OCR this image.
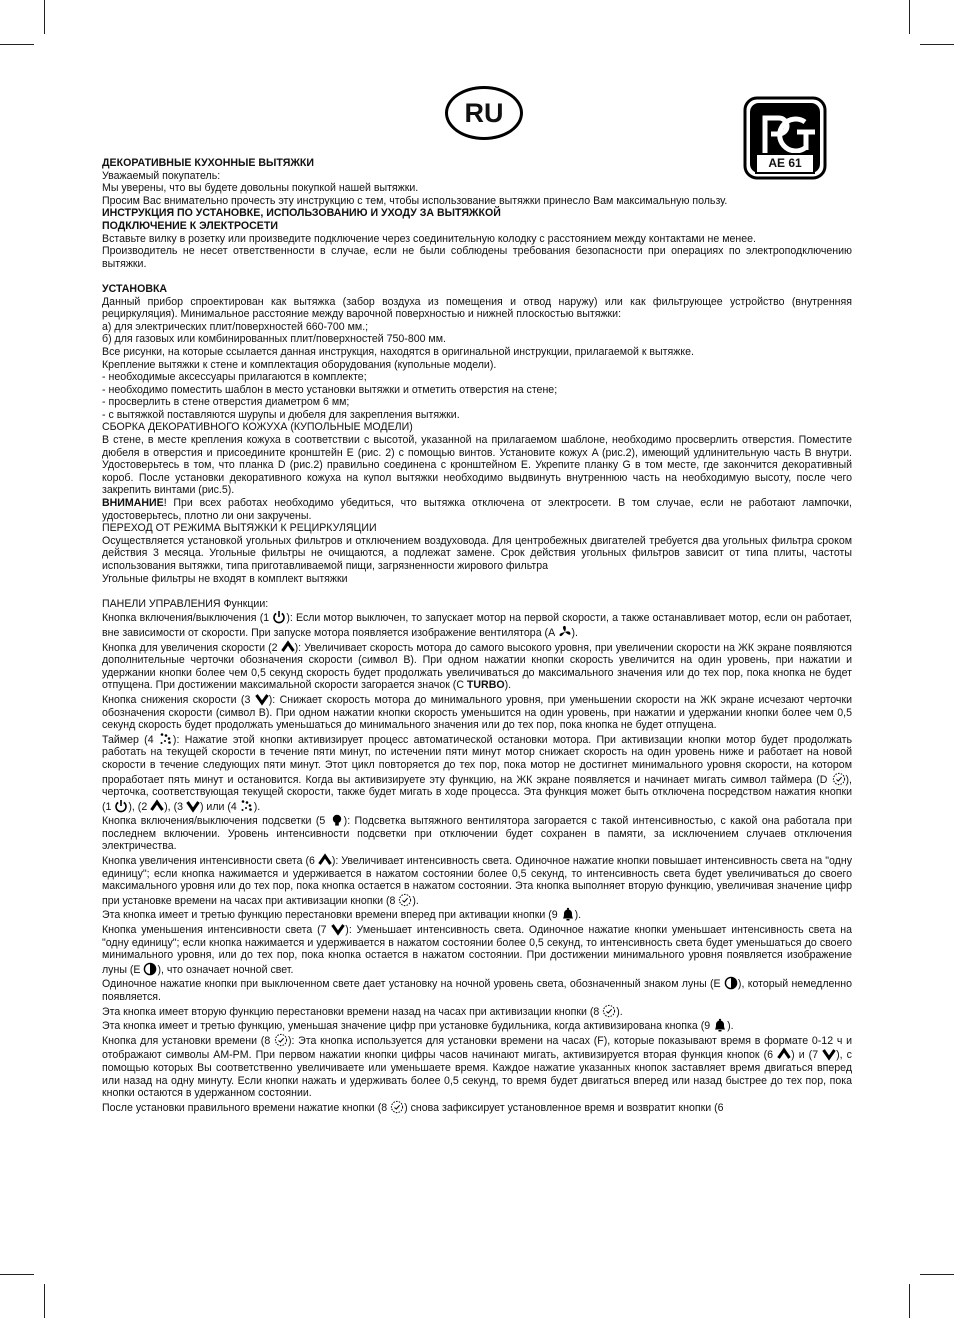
RU
AE 61

ДЕКОРАТИВНЫЕ КУХОННЫЕ ВЫТЯЖКИ

Уважаемый покупатель:

Мы уверены, что вы будете довольны покупкой нашей вытяжки.

Просим Вас внимательно прочесть эту инструкцию с тем, чтобы использование вытяжки принесло Вам максимальную пользу.

ИНСТРУКЦИЯ ПО УСТАНОВКЕ, ИСПОЛЬЗОВАНИЮ И УХОДУ ЗА ВЫТЯЖКОЙ

ПОДКЛЮЧЕНИЕ К ЭЛЕКТРОСЕТИ

Вставьте вилку в розетку или произведите подключение через соединительную колодку с расстоянием между контактами не менее.

Производитель не несет ответственности в случае, если не были соблюдены требования безопасности при операциях по электроподключению вытяжки.

УСТАНОВКА

Данный прибор спроектирован как вытяжка (забор воздуха из помещения и отвод наружу) или как фильтрующее устройство (внутренняя рециркуляция). Минимальное расстояние между варочной поверхностью и нижней плоскостью вытяжки:

а) для электрических плит/поверхностей 660-700 мм.;

б) для газовых или комбинированных плит/поверхностей 750-800 мм.

Все рисунки, на которые ссылается данная инструкция, находятся в оригинальной инструкции, прилагаемой к вытяжке.

Крепление вытяжки к стене и комплектация оборудования (купольные модели).

- необходимые аксессуары прилагаются в комплекте;

- необходимо поместить шаблон в место установки вытяжки и отметить отверстия на стене;

- просверлить в стене отверстия диаметром 6 мм;

- с вытяжкой поставляются шурупы и дюбеля для закрепления вытяжки.

СБОРКА ДЕКОРАТИВНОГО КОЖУХА (КУПОЛЬНЫЕ МОДЕЛИ)

В стене, в месте крепления кожуха в соответствии с высотой, указанной на прилагаемом шаблоне, необходимо просверлить отверстия. Поместите дюбеля в отверстия и присоедините кронштейн E (рис. 2) с помощью винтов. Установите кожух A (рис.2), имеющий удлинительную часть B внутри. Удостоверьтесь в том, что планка D (рис.2) правильно соединена с кронштейном E. Укрепите планку G в том месте, где закончится декоративный короб. После установки декоративного кожуха на купол вытяжки необходимо выдвинуть внутреннюю часть на необходимую высоту, после чего закрепить винтами (рис.5).

ВНИМАНИЕ! При всех работах необходимо убедиться, что вытяжка отключена от электросети. В том случае, если не работают лампочки, удостоверьтесь, плотно ли они закручены.

ПЕРЕХОД ОТ РЕЖИМА ВЫТЯЖКИ К РЕЦИРКУЛЯЦИИ

Осуществляется установкой угольных фильтров и отключением воздуховода. Для центробежных двигателей требуется два угольных фильтра сроком действия 3 месяца. Угольные фильтры не очищаются, а подлежат замене. Срок действия угольных фильтров зависит от типа плиты, частоты использования вытяжки, типа приготавливаемой пищи, загрязненности жирового фильтра

Угольные фильтры не входят в комплект вытяжки

ПАНЕЛИ УПРАВЛЕНИЯ Функции:

Кнопка включения/выключения (1
): Если мотор выключен, то запускает мотор на первой скорости, а также останавливает мотор, если он работает, вне зависимости от скорости. При запуске мотора появляется изображение вентилятора (A
).

Кнопка для увеличения скорости (2
): Увеличивает скорость мотора до самого высокого уровня, при увеличении скорости на ЖК экране появляются дополнительные черточки обозначения скорости (символ B). При одном нажатии кнопки скорость увеличится на один уровень, при нажатии и удержании кнопки более чем 0,5 секунд скорость будет продолжать увеличиваться до максимального значения или до тех пор, пока кнопка не будет отпущена. При достижении максимальной скорости загорается значок (C TURBO).

Кнопка снижения скорости (3
): Снижает скорость мотора до минимального уровня, при уменьшении скорости на ЖК экране исчезают черточки обозначения скорости (символ B). При одном нажатии кнопки скорость уменьшится на один уровень, при нажатии и удержании кнопки более чем 0,5 секунд скорость будет продолжать уменьшаться до минимального значения или до тех пор, пока кнопка не будет отпущена.

Таймер (4
): Нажатие этой кнопки активизирует процесс автоматической остановки мотора. При активизации кнопки мотор будет продолжать работать на текущей скорости в течение пяти минут, по истечении пяти минут мотор снижает скорость на один уровень ниже и работает на новой скорости в течение следующих пяти минут. Этот цикл повторяется до тех пор, пока мотор не достигнет минимального уровня скорости, на котором проработает пять минут и остановится. Когда вы активизируете эту функцию, на ЖК экране появляется и начинает мигать символ таймера (D
), черточка, соответствующая текущей скорости, также будет мигать в ходе процесса. Эта функция может быть отключена посредством нажатия кнопки (1
), (2
), (3
) или (4
).

Кнопка включения/выключения подсветки (5
): Подсветка вытяжного вентилятора загорается с такой интенсивностью, с какой она работала при последнем включении. Уровень интенсивности подсветки при отключении будет сохранен в памяти, за исключением случаев отключения электричества.

Кнопка увеличения интенсивности света (6
): Увеличивает интенсивность света. Одиночное нажатие кнопки повышает интенсивность света на "одну единицу"; если кнопка нажимается и удерживается в нажатом состоянии более 0,5 секунд, то интенсивность света будет увеличиваться до своего максимального уровня или до тех пор, пока кнопка остается в нажатом состоянии. Эта кнопка выполняет вторую функцию, увеличивая значение цифр при установке времени на часах при активизации кнопки (8
).

Эта кнопка имеет и третью функцию перестановки времени вперед при активации кнопки (9
).

Кнопка уменьшения интенсивности света (7
): Уменьшает интенсивность света. Одиночное нажатие кнопки уменьшает интенсивность света на "одну единицу"; если кнопка нажимается и удерживается в нажатом состоянии более 0,5 секунд, то интенсивность света будет уменьшаться до своего минимального уровня, или до тех пор, пока кнопка остается в нажатом состоянии. При достижении минимального уровня появляется изображение луны (E
), что означает ночной свет.

Одиночное нажатие кнопки при выключенном свете дает установку на ночной уровень света, обозначенный знаком луны (E
), который немедленно появляется.

Эта кнопка имеет вторую функцию перестановки времени назад на часах при активизации кнопки (8
).

Эта кнопка имеет и третью функцию, уменьшая значение цифр при установке будильника, когда активизирована кнопка (9
).

Кнопка для установки времени (8
): Эта кнопка используется для установки времени на часах (F), которые показывают время в формате 0-12 ч и отображают символы AM-PM. При первом нажатии кнопки цифры часов начинают мигать, активизируется вторая функция кнопок (6
) и (7
), с помощью которых Вы соответственно увеличиваете или уменьшаете время. Каждое нажатие указанных кнопок заставляет время двигаться вперед или назад на одну минуту. Если кнопки нажать и удерживать более 0,5 секунд, то время будет двигаться вперед или назад быстрее до тех пор, пока кнопки остаются в удержанном состоянии.

После установки правильного времени нажатие кнопки (8
) снова зафиксирует установленное время и возвратит кнопки (6
